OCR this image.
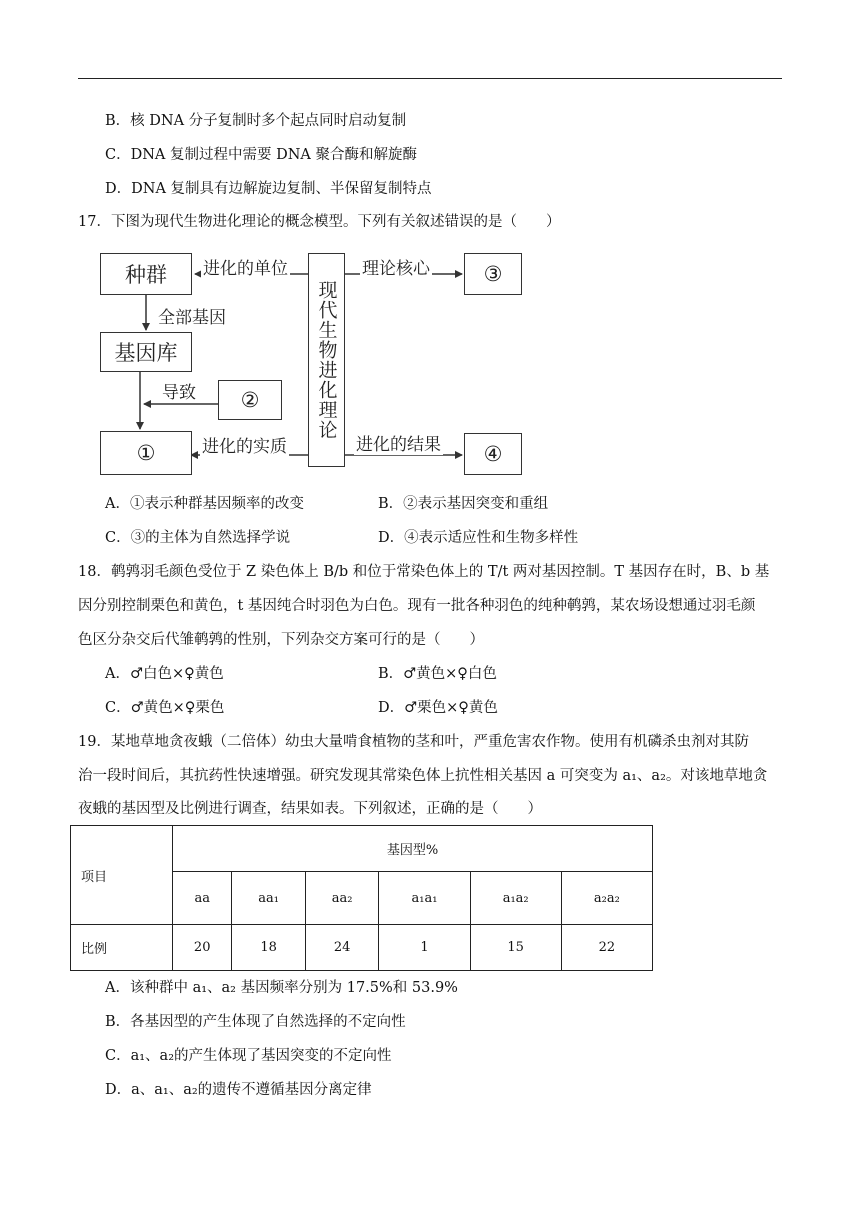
B．核 DNA 分子复制时多个起点同时启动复制
C．DNA 复制过程中需要 DNA 聚合酶和解旋酶
D．DNA 复制具有边解旋边复制、半保留复制特点
17．下图为现代生物进化理论的概念模型。下列有关叙述错误的是（　　）
种群
基因库
①
②
③
④
现代生物进化理论
进化的单位
全部基因
导致
进化的实质
理论核心
进化的结果
A．①表示种群基因频率的改变	B．②表示基因突变和重组
C．③的主体为自然选择学说	D．④表示适应性和生物多样性
18．鹌鹑羽毛颜色受位于 Z 染色体上 B/b 和位于常染色体上的 T/t 两对基因控制。T 基因存在时，B、b 基
因分别控制栗色和黄色，t 基因纯合时羽色为白色。现有一批各种羽色的纯种鹌鹑，某农场设想通过羽毛颜
色区分杂交后代雏鹌鹑的性别，下列杂交方案可行的是（　　）
A．♂白色×♀黄色	B．♂黄色×♀白色
C．♂黄色×♀栗色	D．♂栗色×♀黄色
19．某地草地贪夜蛾（二倍体）幼虫大量啃食植物的茎和叶，严重危害农作物。使用有机磷杀虫剂对其防
治一段时间后，其抗药性快速增强。研究发现其常染色体上抗性相关基因 a 可突变为 a₁、a₂。对该地草地贪
夜蛾的基因型及比例进行调查，结果如表。下列叙述，正确的是（　　）
项目	基因型%					
	aa	aa₁	aa₂	a₁a₁	a₁a₂	a₂a₂
比例	20	18	24	1	15	22
A．该种群中 a₁、a₂ 基因频率分别为 17.5%和 53.9%
B．各基因型的产生体现了自然选择的不定向性
C．a₁、a₂的产生体现了基因突变的不定向性
D．a、a₁、a₂的遗传不遵循基因分离定律
